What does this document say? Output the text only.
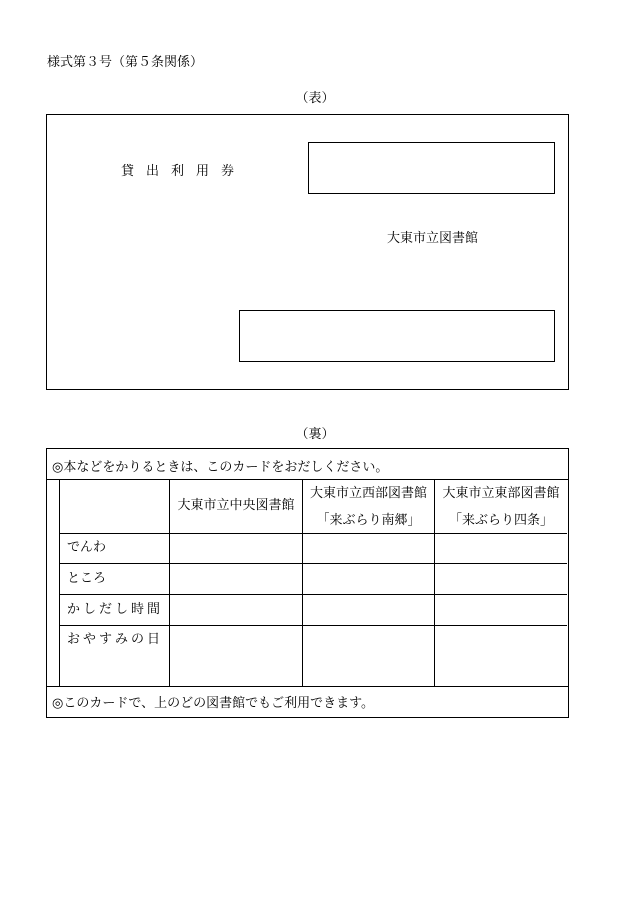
様式第３号（第５条関係）
（表）
貸出利用券
大東市立図書館
（裏）
◎本などをかりるときは、このカードをおだしください。
大東市立中央図書館
大東市立西部図書館
「来ぶらり南郷」
大東市立東部図書館
「来ぶらり四条」
でんわ
ところ
かしだし時間
おやすみの日
◎このカードで、上のどの図書館でもご利用できます。
